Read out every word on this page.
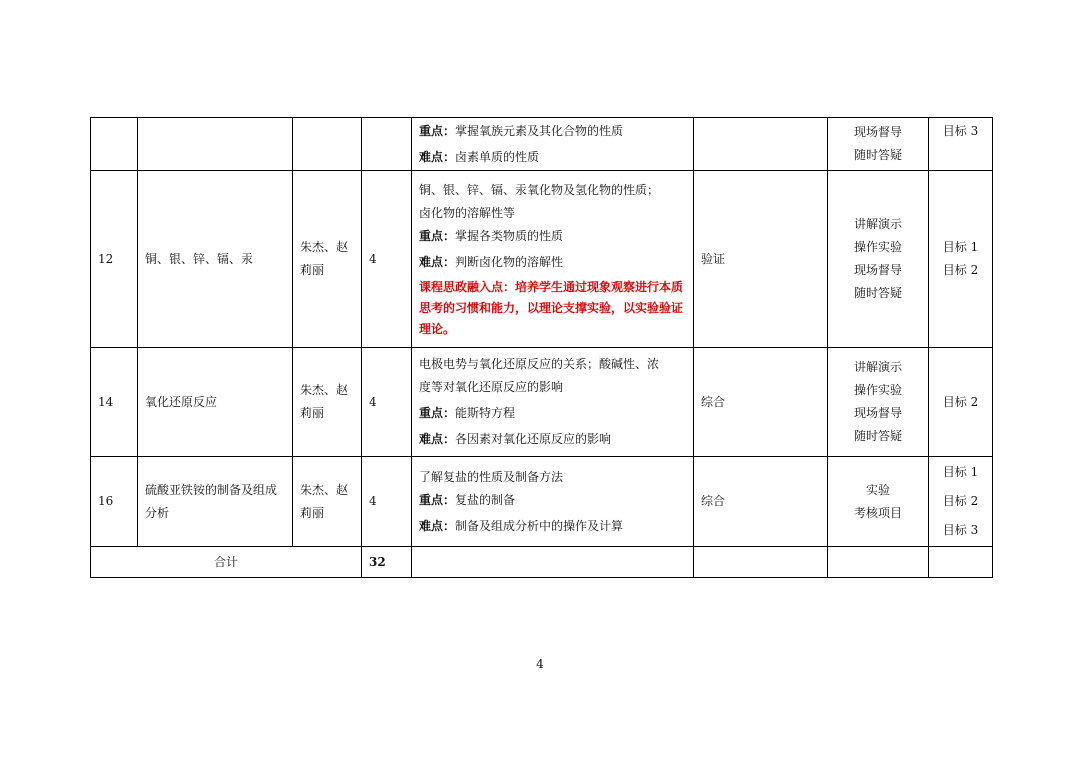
				重点：掌握氧族元素及其化合物的性质
难点：卤素单质的性质		现场督导
随时答疑	目标 3

12	铜、银、锌、镉、汞	朱杰、赵莉丽	4	铜、银、锌、镉、汞氧化物及氢化物的性质；
卤化物的溶解性等
重点：掌握各类物质的性质
难点：判断卤化物的溶解性
课程思政融入点：培养学生通过现象观察进行本质思考的习惯和能力，以理论支撑实验，以实验验证理论。	验证	讲解演示
操作实验
现场督导
随时答疑	目标 1
目标 2

14	氧化还原反应	朱杰、赵莉丽	4	电极电势与氧化还原反应的关系；酸碱性、浓
度等对氧化还原反应的影响
重点：能斯特方程
难点：各因素对氧化还原反应的影响	综合	讲解演示
操作实验
现场督导
随时答疑	目标 2

16	硫酸亚铁铵的制备及组成分析	朱杰、赵莉丽	4	了解复盐的性质及制备方法
重点：复盐的制备
难点：制备及组成分析中的操作及计算	综合	实验
考核项目	目标 1
目标 2
目标 3

合计			32				
4
